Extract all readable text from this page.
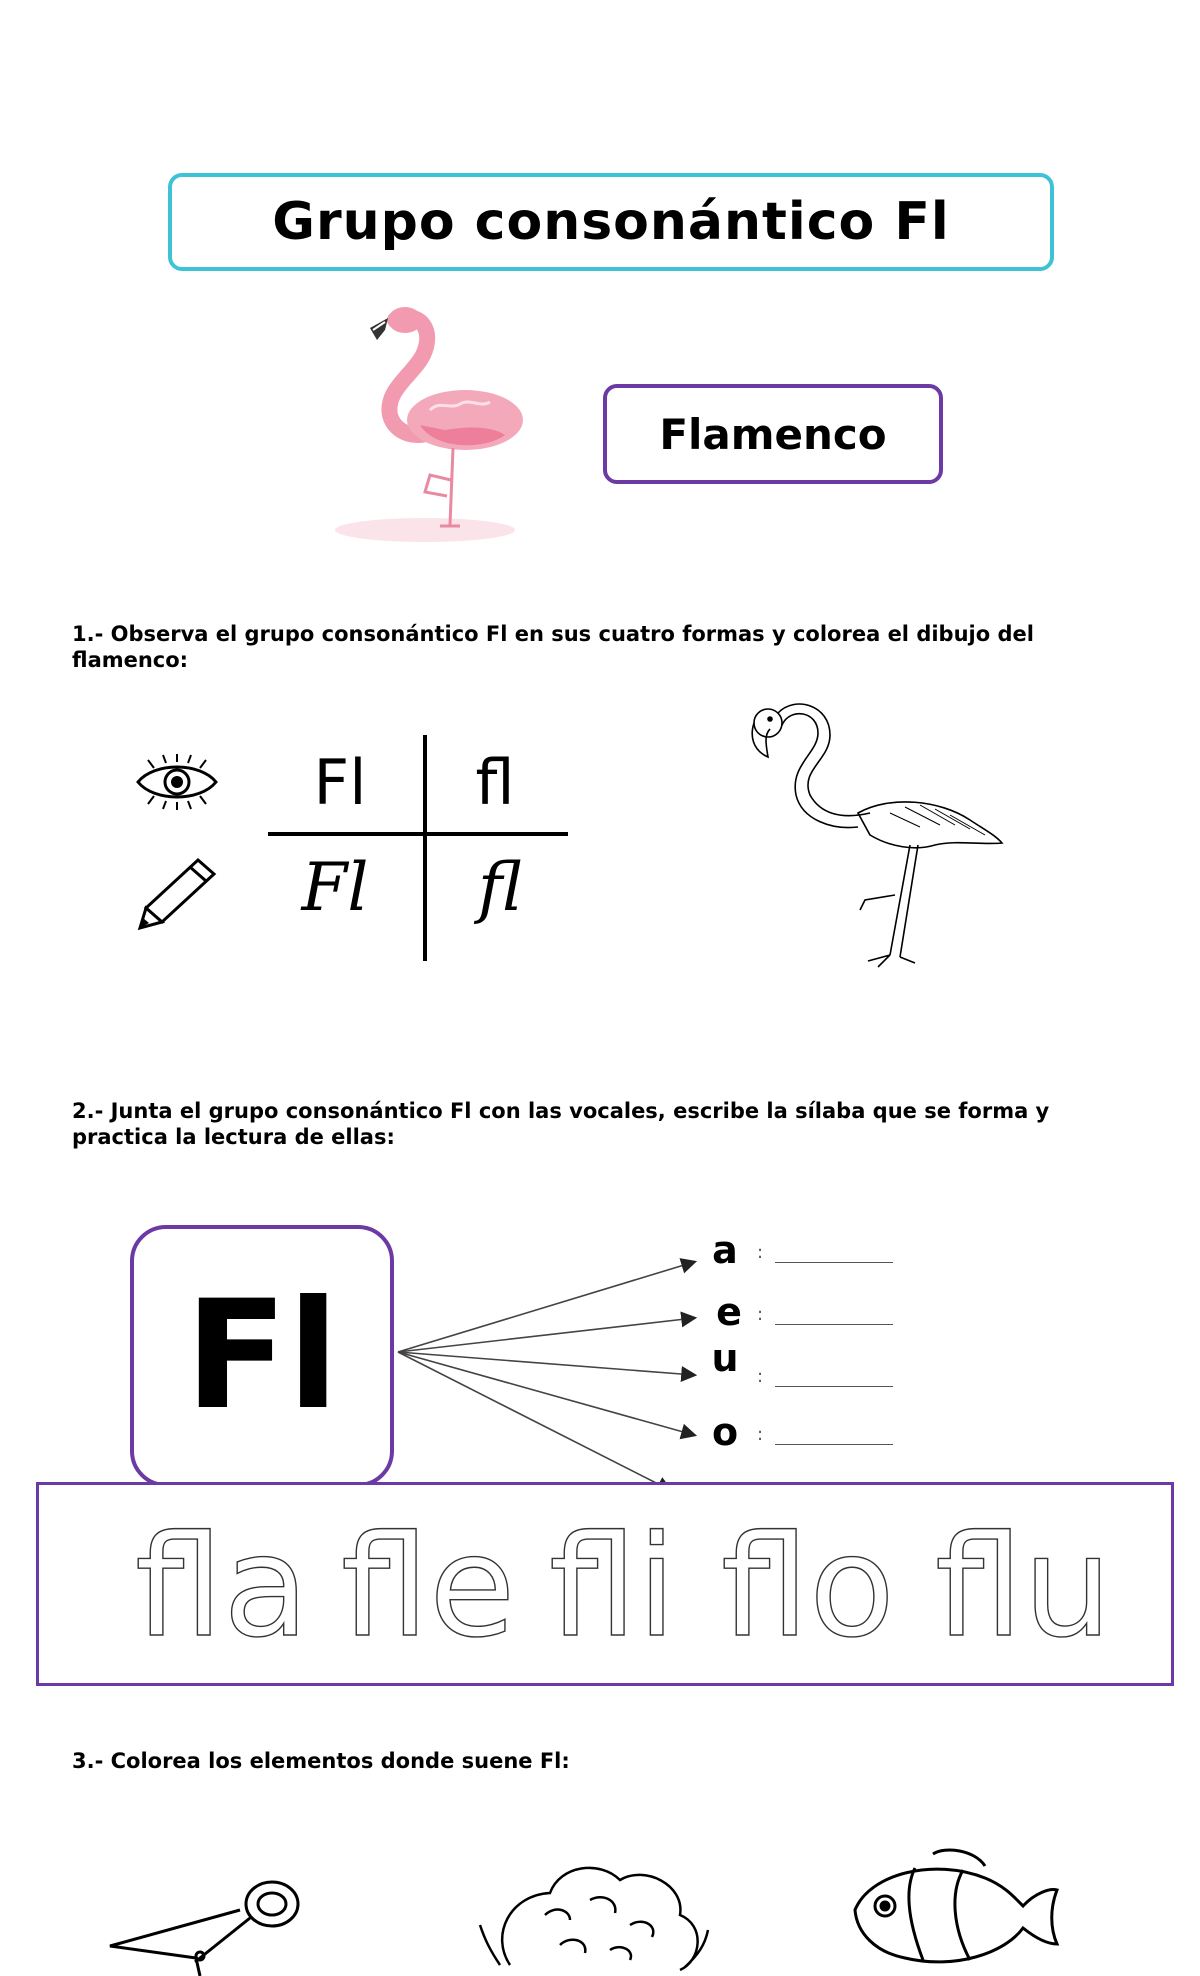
Grupo consonántico Fl
Flamenco
1.- Observa el grupo consonántico Fl en sus cuatro formas y colorea el dibujo del flamenco:
Fl	fl
Fl	fl
2.- Junta el grupo consonántico Fl con las vocales, escribe la sílaba que se forma y practica la lectura de ellas:
Fl
a	:
e :
u	:
o	:
fla fle fli flo flu
3.- Colorea los elementos donde suene Fl:
